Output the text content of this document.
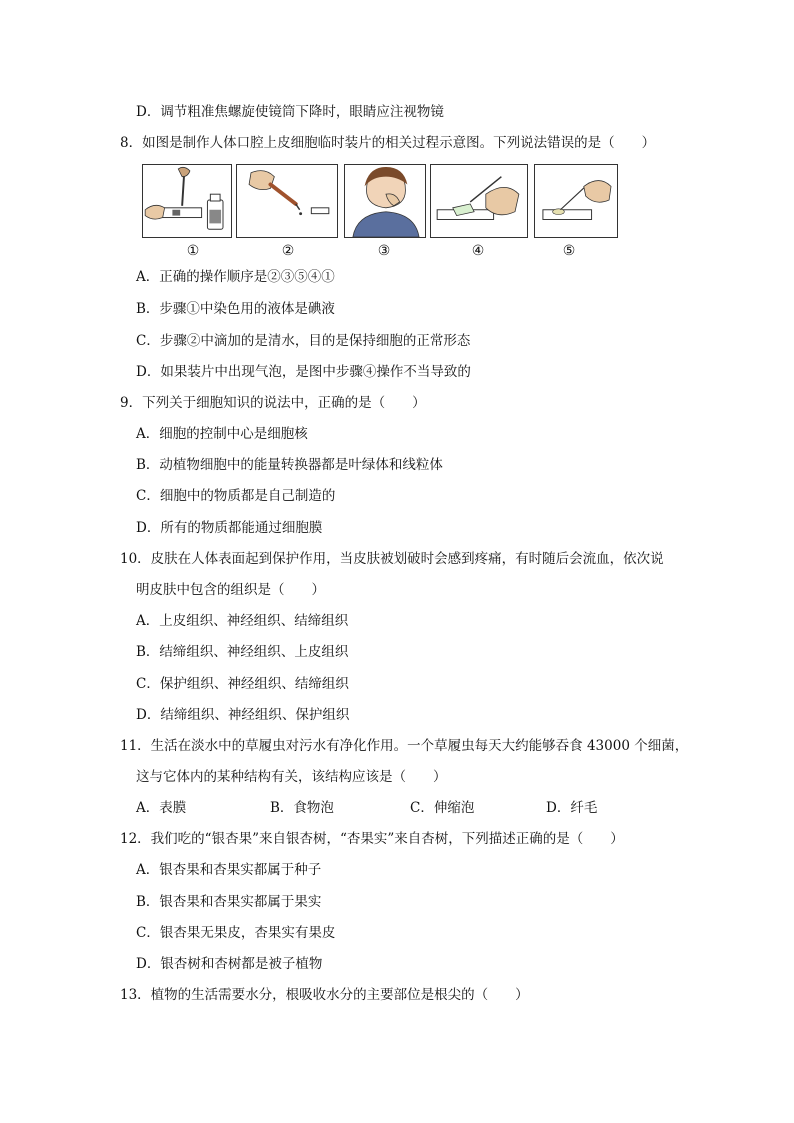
D．调节粗准焦螺旋使镜筒下降时，眼睛应注视物镜
8．如图是制作人体口腔上皮细胞临时装片的相关过程示意图。下列说法错误的是（　　）
①	②	③	④	⑤
A．正确的操作顺序是②③⑤④①
B．步骤①中染色用的液体是碘液
C．步骤②中滴加的是清水，目的是保持细胞的正常形态
D．如果装片中出现气泡，是图中步骤④操作不当导致的
9．下列关于细胞知识的说法中，正确的是（　　）
A．细胞的控制中心是细胞核
B．动植物细胞中的能量转换器都是叶绿体和线粒体
C．细胞中的物质都是自己制造的
D．所有的物质都能通过细胞膜
10．皮肤在人体表面起到保护作用，当皮肤被划破时会感到疼痛，有时随后会流血，依次说
明皮肤中包含的组织是（　　）
A．上皮组织、神经组织、结缔组织
B．结缔组织、神经组织、上皮组织
C．保护组织、神经组织、结缔组织
D．结缔组织、神经组织、保护组织
11．生活在淡水中的草履虫对污水有净化作用。一个草履虫每天大约能够吞食 43000 个细菌，
这与它体内的某种结构有关，该结构应该是（　　）
A．表膜	B．食物泡	C．伸缩泡	D．纤毛
12．我们吃的“银杏果”来自银杏树，“杏果实”来自杏树，下列描述正确的是（　　）
A．银杏果和杏果实都属于种子
B．银杏果和杏果实都属于果实
C．银杏果无果皮，杏果实有果皮
D．银杏树和杏树都是被子植物
13．植物的生活需要水分，根吸收水分的主要部位是根尖的（　　）
